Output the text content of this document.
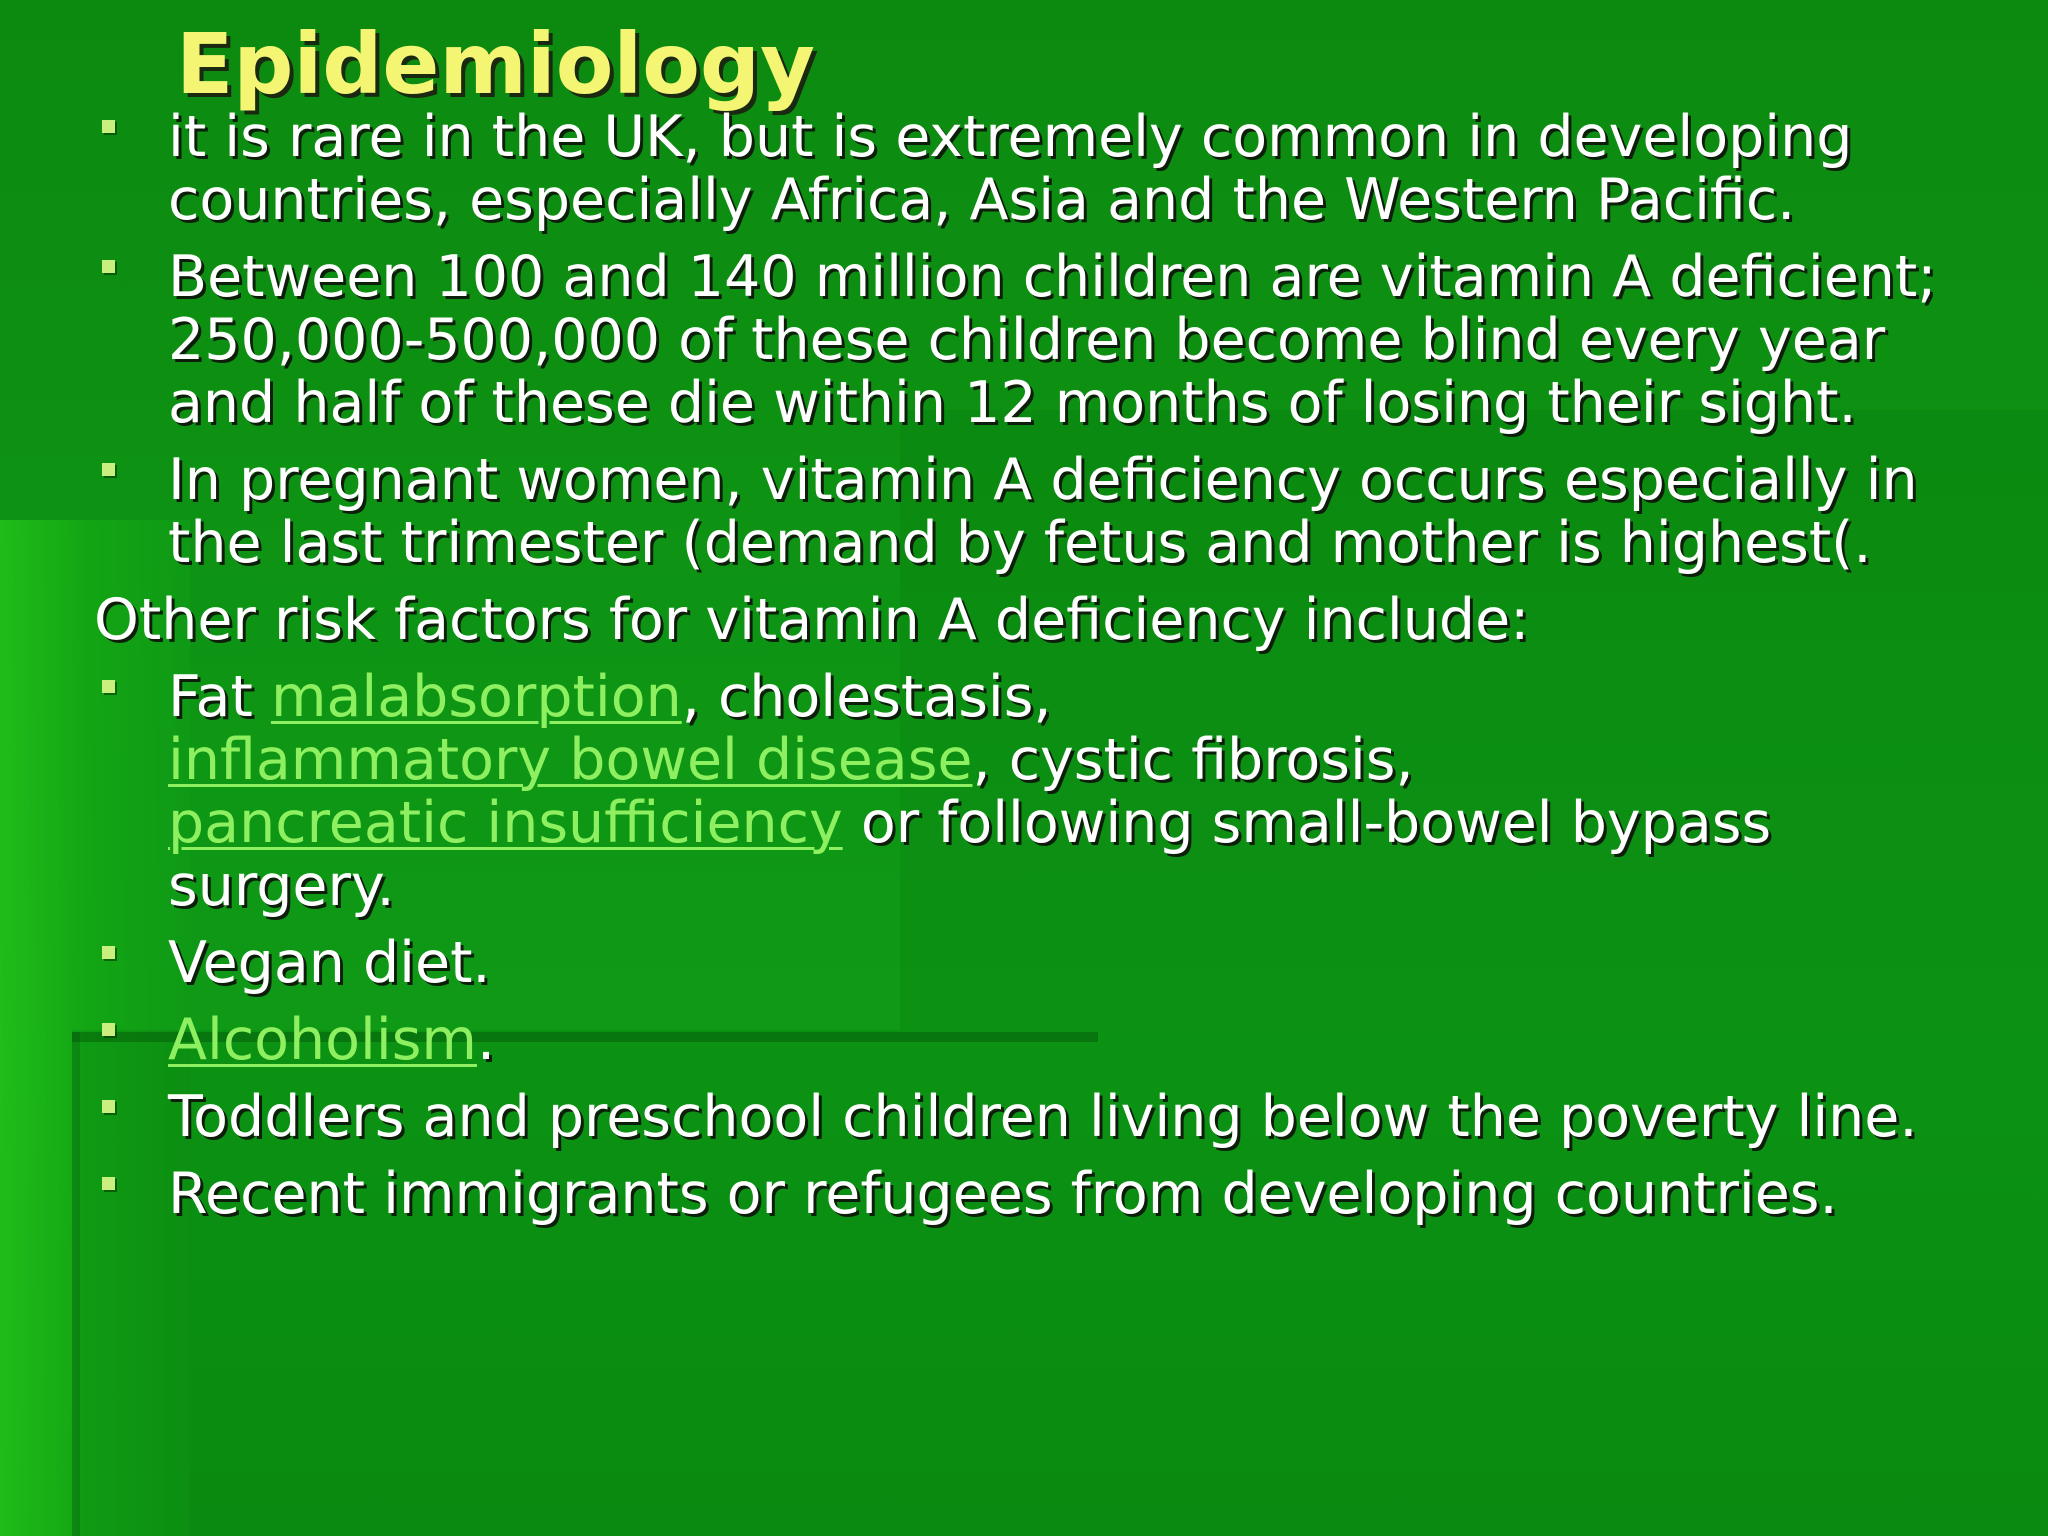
Epidemiology
it is rare in the UK, but is extremely common in developing countries, especially Africa, Asia and the Western Pacific.
Between 100 and 140 million children are vitamin A deficient; 250,000-500,000 of these children become blind every year and half of these die within 12 months of losing their sight.
In pregnant women, vitamin A deficiency occurs especially in the last trimester (demand by fetus and mother is highest(.
Other risk factors for vitamin A deficiency include:
Fat malabsorption, cholestasis,
inflammatory bowel disease, cystic fibrosis,
pancreatic insufficiency or following small-bowel bypass surgery.
Vegan diet.
Alcoholism.
Toddlers and preschool children living below the poverty line.
Recent immigrants or refugees from developing countries.
